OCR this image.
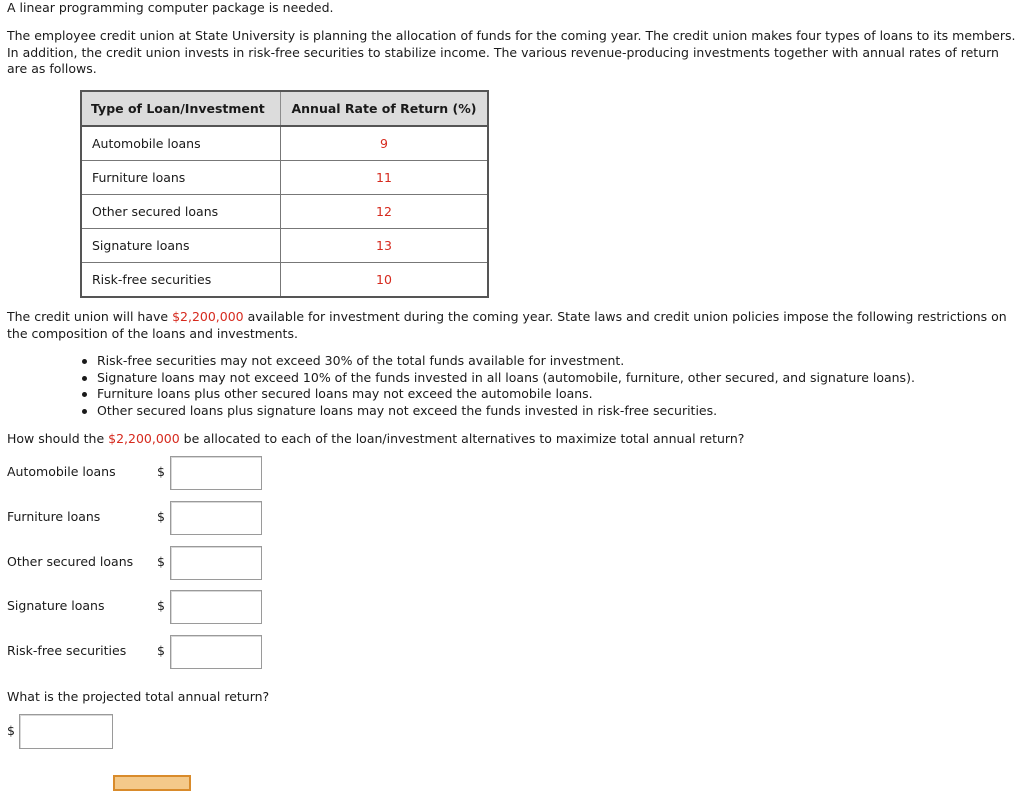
A linear programming computer package is needed.

The employee credit union at State University is planning the allocation of funds for the coming year. The credit union makes four types of loans to its members. In addition, the credit union invests in risk-free securities to stabilize income. The various revenue-producing investments together with annual rates of return are as follows.

Type of Loan/Investment	Annual Rate of Return (%)
Automobile loans	9
Furniture loans	11
Other secured loans	12
Signature loans	13
Risk-free securities	10

The credit union will have $2,200,000 available for investment during the coming year. State laws and credit union policies impose the following restrictions on the composition of the loans and investments.

Risk-free securities may not exceed 30% of the total funds available for investment.
Signature loans may not exceed 10% of the funds invested in all loans (automobile, furniture, other secured, and signature loans).
Furniture loans plus other secured loans may not exceed the automobile loans.
Other secured loans plus signature loans may not exceed the funds invested in risk-free securities.

How should the $2,200,000 be allocated to each of the loan/investment alternatives to maximize total annual return?

Automobile loans	$
Furniture loans	$
Other secured loans $
Signature loans	$
Risk-free securities $

What is the projected total annual return?

$
